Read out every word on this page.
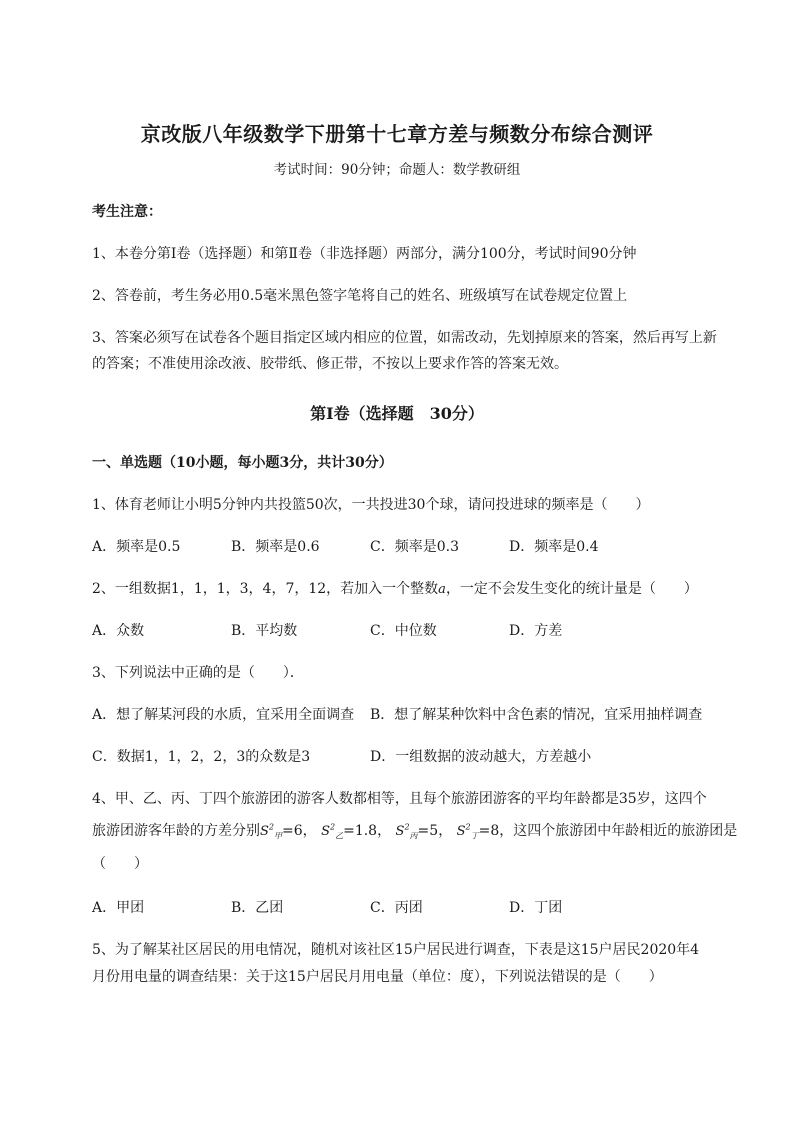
京改版八年级数学下册第十七章方差与频数分布综合测评
考试时间：90分钟；命题人：数学教研组
考生注意：
1、本卷分第Ⅰ卷（选择题）和第Ⅱ卷（非选择题）两部分，满分100分，考试时间90分钟
2、答卷前，考生务必用0.5毫米黑色签字笔将自己的姓名、班级填写在试卷规定位置上
3、答案必须写在试卷各个题目指定区域内相应的位置，如需改动，先划掉原来的答案，然后再写上新
的答案；不准使用涂改液、胶带纸、修正带，不按以上要求作答的答案无效。
第Ⅰ卷（选择题　30分）
一、单选题（10小题，每小题3分，共计30分）
1、体育老师让小明5分钟内共投篮50次，一共投进30个球，请问投进球的频率是（　　）
A．频率是0.5	B．频率是0.6	C．频率是0.3	D．频率是0.4
2、一组数据1，1，1，3，4，7，12，若加入一个整数a，一定不会发生变化的统计量是（　　）
A．众数	B．平均数	C．中位数	D．方差
3、下列说法中正确的是（　　）．
A．想了解某河段的水质，宜采用全面调查 B．想了解某种饮料中含色素的情况，宜采用抽样调查
C．数据1，1，2，2，3的众数是3	D．一组数据的波动越大，方差越小
4、甲、乙、丙、丁四个旅游团的游客人数都相等，且每个旅游团游客的平均年龄都是35岁，这四个
旅游团游客年龄的方差分别$S^2_甲=6$， $S^2_乙=1.8$， $S^2_丙=5$， $S^2_丁=8$，这四个旅游团中年龄相近的旅游团是
（　　）
A．甲团	B．乙团	C．丙团	D．丁团
5、为了解某社区居民的用电情况，随机对该社区15户居民进行调查，下表是这15户居民2020年4
月份用电量的调查结果：关于这15户居民月用电量（单位：度），下列说法错误的是（　　）
